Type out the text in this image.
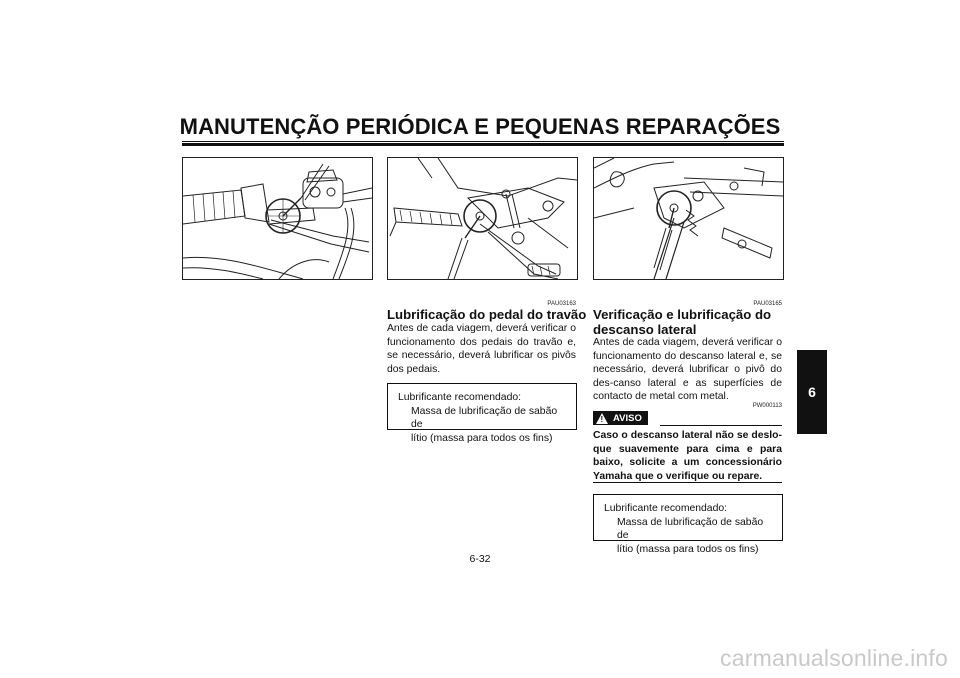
MANUTENÇÃO PERIÓDICA E PEQUENAS REPARAÇÕES
PAU03163
Lubrificação do pedal do travão
Antes de cada viagem, deverá verificar o funcionamento dos pedais do travão e, se necessário, deverá lubrificar os pivôs dos pedais.
Lubrificante recomendado:
Massa de lubrificação de sabão de
lítio (massa para todos os fins)
PAU03165
Verificação e lubrificação do
descanso lateral
Antes de cada viagem, deverá verificar o funcionamento do descanso lateral e, se necessário, deverá lubrificar o pivô do des-canso lateral e as superfícies de contacto de metal com metal.
PW000113
! AVISO
Caso o descanso lateral não se deslo-que suavemente para cima e para baixo, solicite a um concessionário Yamaha que o verifique ou repare.
Lubrificante recomendado:
Massa de lubrificação de sabão de
lítio (massa para todos os fins)
6
6-32
carmanualsonline.info
